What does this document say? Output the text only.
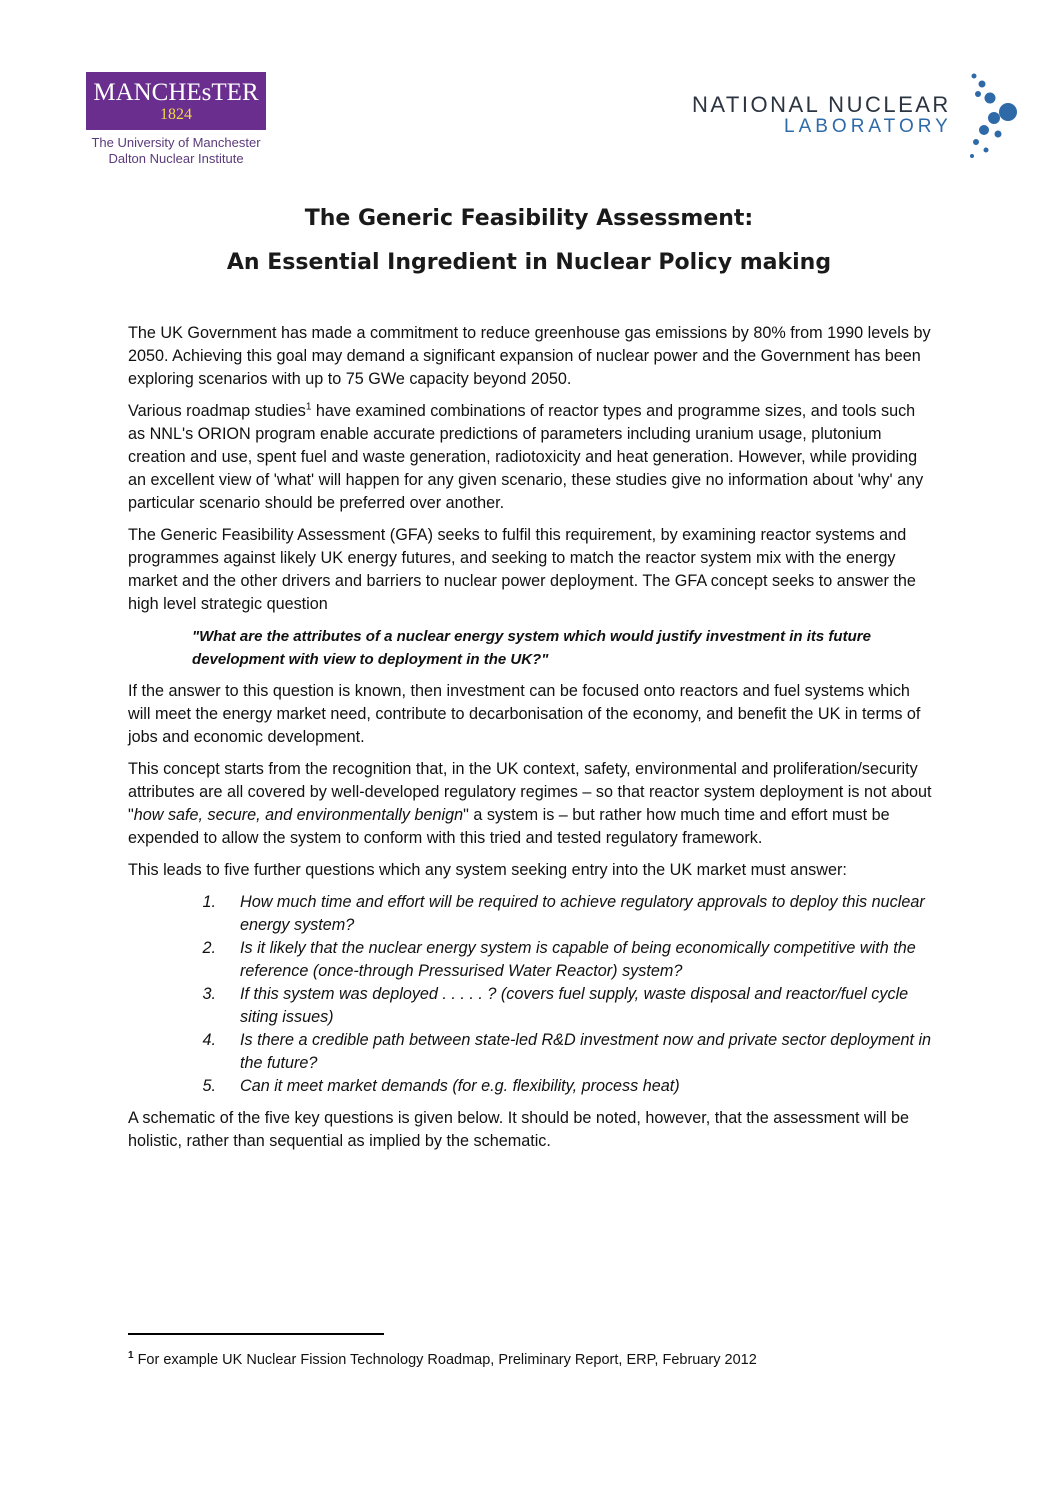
MANCHEsTER
1824
The University of Manchester
Dalton Nuclear Institute
NATIONAL NUCLEAR
LABORATORY
The Generic Feasibility Assessment:
An Essential Ingredient in Nuclear Policy making

The UK Government has made a commitment to reduce greenhouse gas emissions by 80% from 1990 levels by 2050. Achieving this goal may demand a significant expansion of nuclear power and the Government has been exploring scenarios with up to 75 GWe capacity beyond 2050.

Various roadmap studies$^1$ have examined combinations of reactor types and programme sizes, and tools such as NNL's ORION program enable accurate predictions of parameters including uranium usage, plutonium creation and use, spent fuel and waste generation, radiotoxicity and heat generation. However, while providing an excellent view of 'what' will happen for any given scenario, these studies give no information about 'why' any particular scenario should be preferred over another.

The Generic Feasibility Assessment (GFA) seeks to fulfil this requirement, by examining reactor systems and programmes against likely UK energy futures, and seeking to match the reactor system mix with the energy market and the other drivers and barriers to nuclear power deployment. The GFA concept seeks to answer the high level strategic question

"What are the attributes of a nuclear energy system which would justify investment in its future development with view to deployment in the UK?"

If the answer to this question is known, then investment can be focused onto reactors and fuel systems which will meet the energy market need, contribute to decarbonisation of the economy, and benefit the UK in terms of jobs and economic development.

This concept starts from the recognition that, in the UK context, safety, environmental and proliferation/security attributes are all covered by well-developed regulatory regimes – so that reactor system deployment is not about "how safe, secure, and environmentally benign" a system is – but rather how much time and effort must be expended to allow the system to conform with this tried and tested regulatory framework.

This leads to five further questions which any system seeking entry into the UK market must answer:

1. How much time and effort will be required to achieve regulatory approvals to deploy this nuclear energy system?
2. Is it likely that the nuclear energy system is capable of being economically competitive with the reference (once-through Pressurised Water Reactor) system?
3. If this system was deployed . . . . . ? (covers fuel supply, waste disposal and reactor/fuel cycle siting issues)
4. Is there a credible path between state-led R&D investment now and private sector deployment in the future?
5. Can it meet market demands (for e.g. flexibility, process heat)

A schematic of the five key questions is given below. It should be noted, however, that the assessment will be holistic, rather than sequential as implied by the schematic.

$^1$ For example UK Nuclear Fission Technology Roadmap, Preliminary Report, ERP, February 2012
